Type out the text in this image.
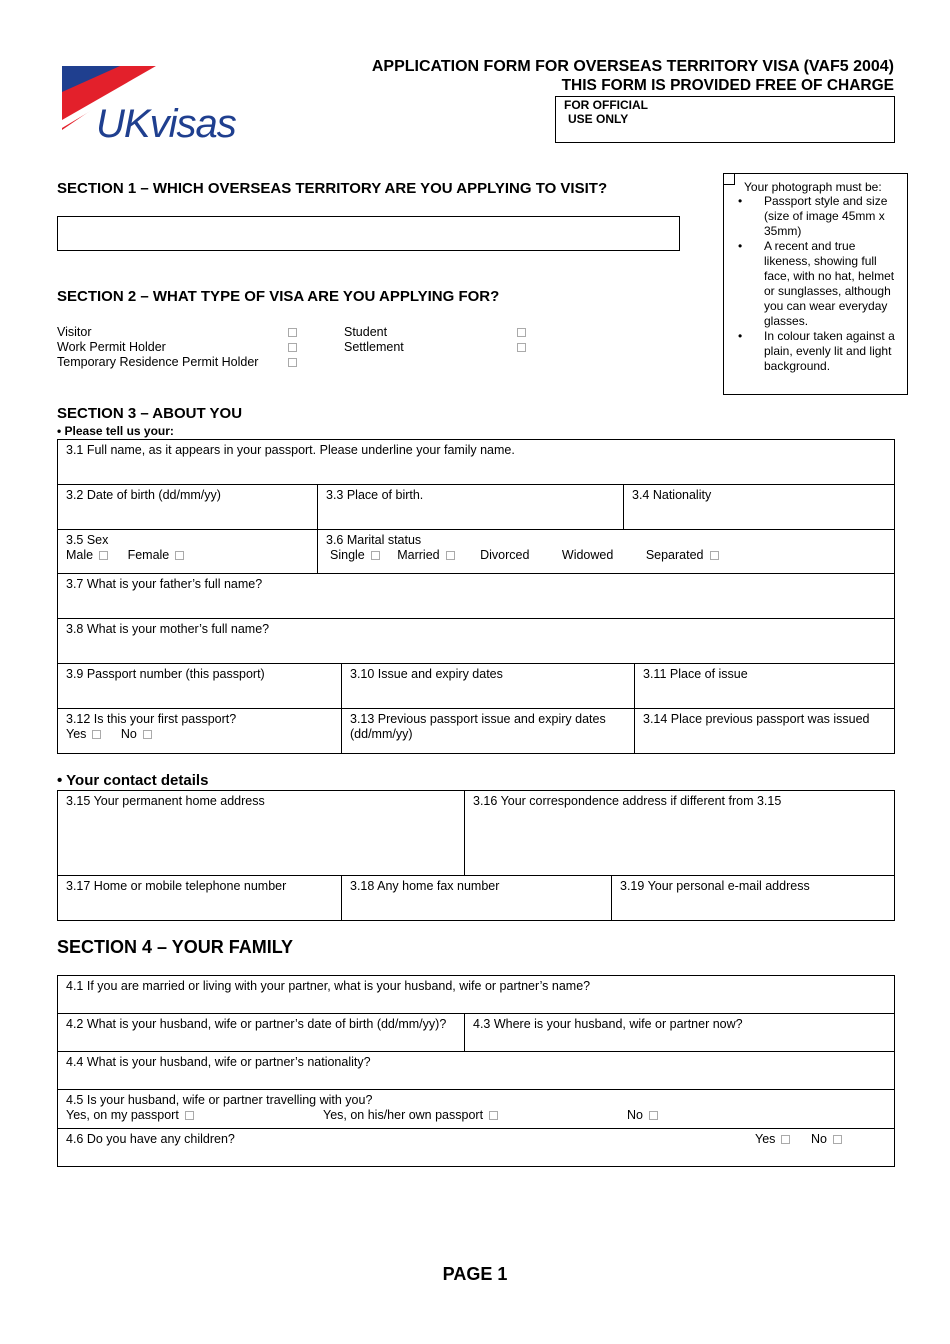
UKvisas
APPLICATION FORM FOR OVERSEAS TERRITORY VISA (VAF5 2004)
THIS FORM IS PROVIDED FREE OF CHARGE
FOR OFFICIAL
USE ONLY
Your photograph must be:
• Passport style and size (size of image 45mm x 35mm)
• A recent and true likeness, showing full face, with no hat, helmet or sunglasses, although you can wear everyday glasses.
• In colour taken against a plain, evenly lit and light background.
SECTION 1 – WHICH OVERSEAS TERRITORY ARE YOU APPLYING TO VISIT?
SECTION 2 – WHAT TYPE OF VISA ARE YOU APPLYING FOR?
Visitor
Work Permit Holder
Temporary Residence Permit Holder
Student
Settlement
SECTION 3 – ABOUT YOU
• Please tell us your:
3.1 Full name, as it appears in your passport. Please underline your family name.
3.2 Date of birth (dd/mm/yy)	3.3 Place of birth.	3.4 Nationality
3.5 Sex
Male	Female
3.6 Marital status
Single	Married	Divorced	Widowed	Separated
3.7 What is your father’s full name?
3.8 What is your mother’s full name?
3.9 Passport number (this passport)	3.10 Issue and expiry dates	3.11 Place of issue
3.12 Is this your first passport?
Yes	No
3.13 Previous passport issue and expiry dates
(dd/mm/yy)
3.14 Place previous passport was issued
• Your contact details
3.15 Your permanent home address	3.16 Your correspondence address if different from 3.15
3.17 Home or mobile telephone number	3.18 Any home fax number	3.19 Your personal e-mail address
SECTION 4 – YOUR FAMILY
4.1 If you are married or living with your partner, what is your husband, wife or partner’s name?
4.2 What is your husband, wife or partner’s date of birth (dd/mm/yy)?	4.3 Where is your husband, wife or partner now?
4.4 What is your husband, wife or partner’s nationality?
4.5 Is your husband, wife or partner travelling with you?
Yes, on my passport	Yes, on his/her own passport	No
4.6 Do you have any children?	Yes	No
PAGE 1
